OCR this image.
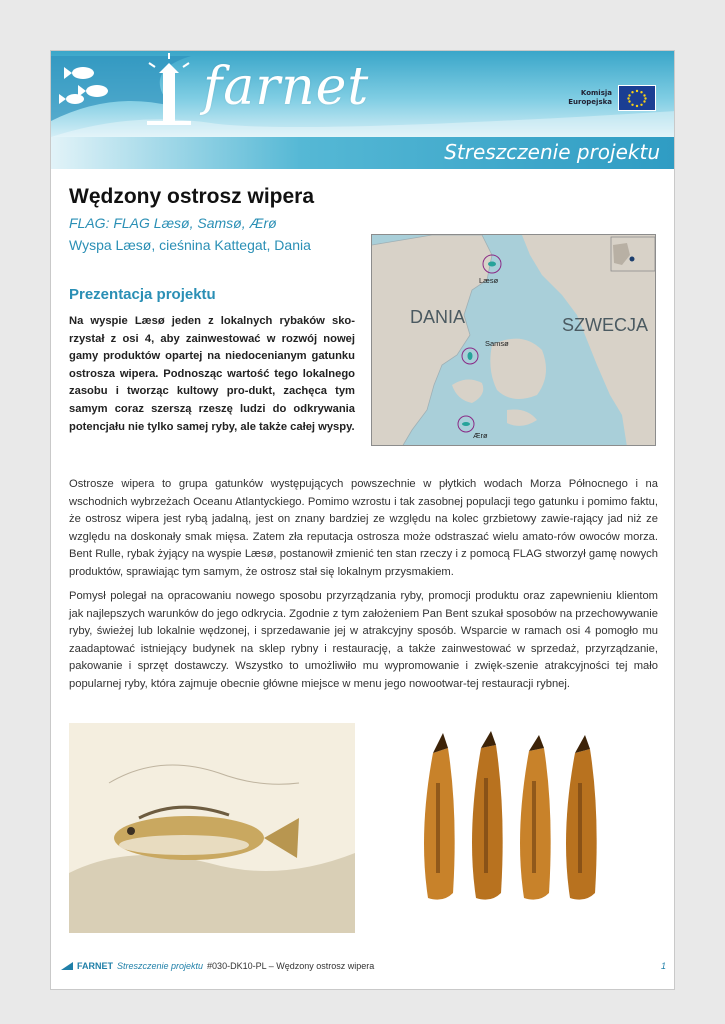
farnet	Komisja
Europejska
Streszczenie projektu
Wędzony ostrosz wipera
FLAG: FLAG Læsø, Samsø, Ærø
Wyspa Læsø, cieśnina Kattegat, Dania
Læsø
Samsø
Ærø
DANIA	SZWECJA
Prezentacja projektu
Na wyspie Læsø jeden z lokalnych rybaków sko-rzystał z osi 4, aby zainwestować w rozwój nowej gamy produktów opartej na niedocenianym gatunku ostrosza wipera. Podnosząc wartość tego lokalnego zasobu i tworząc kultowy pro-dukt, zachęca tym samym coraz szerszą rzeszę ludzi do odkrywania potencjału nie tylko samej ryby, ale także całej wyspy.
Ostrosze wipera to grupa gatunków występujących powszechnie w płytkich wodach Morza Północnego i na wschodnich wybrzeżach Oceanu Atlantyckiego. Pomimo wzrostu i tak zasobnej populacji tego gatunku i pomimo faktu, że ostrosz wipera jest rybą jadalną, jest on znany bardziej ze względu na kolec grzbietowy zawie-rający jad niż ze względu na doskonały smak mięsa. Zatem zła reputacja ostrosza może odstraszać wielu amato-rów owoców morza. Bent Rulle, rybak żyjący na wyspie Læsø, postanowił zmienić ten stan rzeczy i z pomocą FLAG stworzył gamę nowych produktów, sprawiając tym samym, że ostrosz stał się lokalnym przysmakiem.
Pomysł polegał na opracowaniu nowego sposobu przyrządzania ryby, promocji produktu oraz zapewnieniu klientom jak najlepszych warunków do jego odkrycia. Zgodnie z tym założeniem Pan Bent szukał sposobów na przechowywanie ryby, świeżej lub lokalnie wędzonej, i sprzedawanie jej w atrakcyjny sposób. Wsparcie w ramach osi 4 pomogło mu zaadaptować istniejący budynek na sklep rybny i restaurację, a także zainwestować w sprzedaż, przyrządzanie, pakowanie i sprzęt dostawczy. Wszystko to umożliwiło mu wypromowanie i zwięk-szenie atrakcyjności tej mało popularnej ryby, która zajmuje obecnie główne miejsce w menu jego nowootwar-tej restauracji rybnej.
FARNET Streszczenie projektu #030-DK10-PL – Wędzony ostrosz wipera	1
